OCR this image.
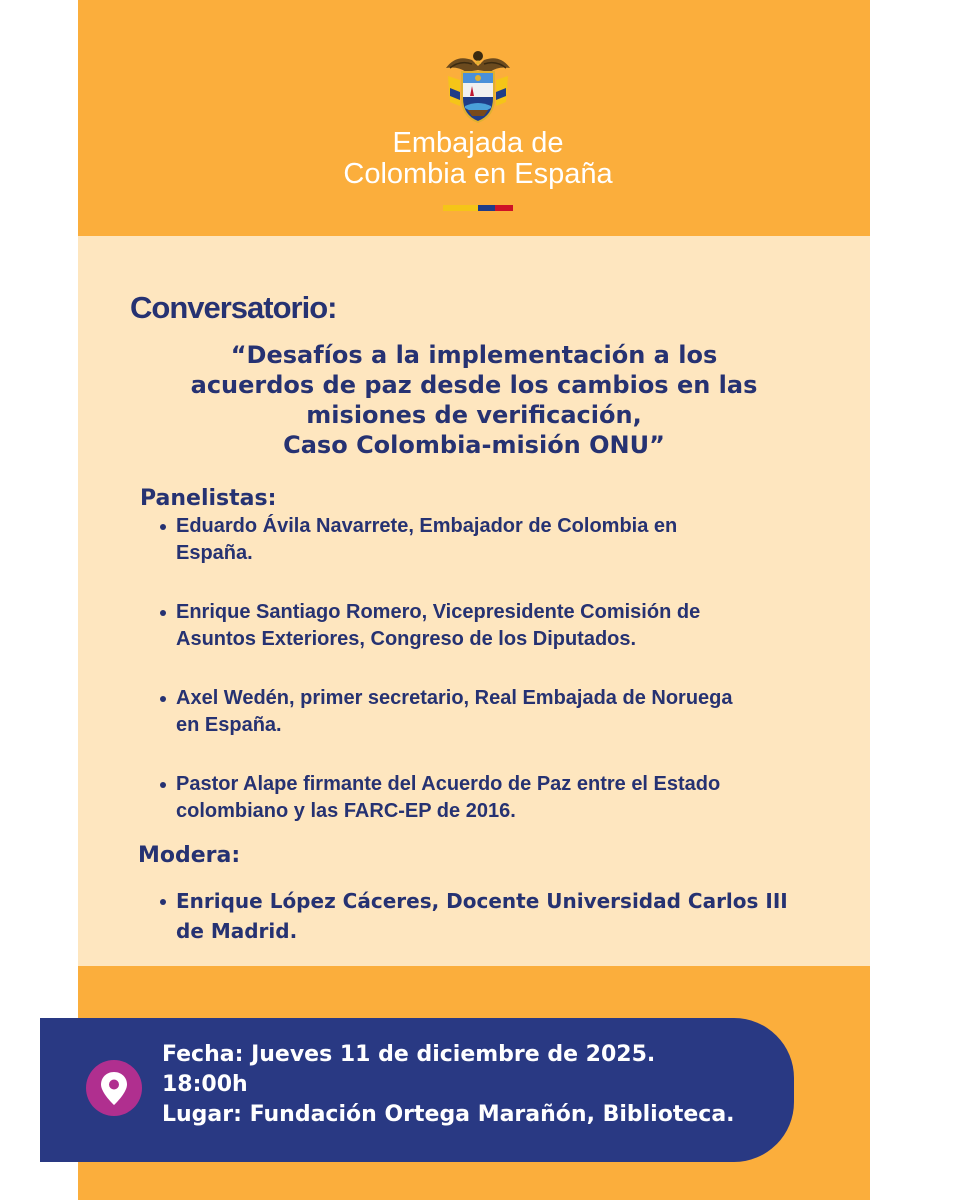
Embajada de
Colombia en España
Conversatorio:
“Desafíos a la implementación a los
acuerdos de paz desde los cambios en las
misiones de verificación,
Caso Colombia-misión ONU”
Panelistas:
Eduardo Ávila Navarrete, Embajador de Colombia en
España.
Enrique Santiago Romero, Vicepresidente Comisión de
Asuntos Exteriores, Congreso de los Diputados.
Axel Wedén, primer secretario, Real Embajada de Noruega
en España.
Pastor Alape firmante del Acuerdo de Paz entre el Estado
colombiano y las FARC-EP de 2016.
Modera:
Enrique López Cáceres, Docente Universidad Carlos III
de Madrid.
Fecha: Jueves 11 de diciembre de 2025.
18:00h
Lugar: Fundación Ortega Marañón, Biblioteca.
